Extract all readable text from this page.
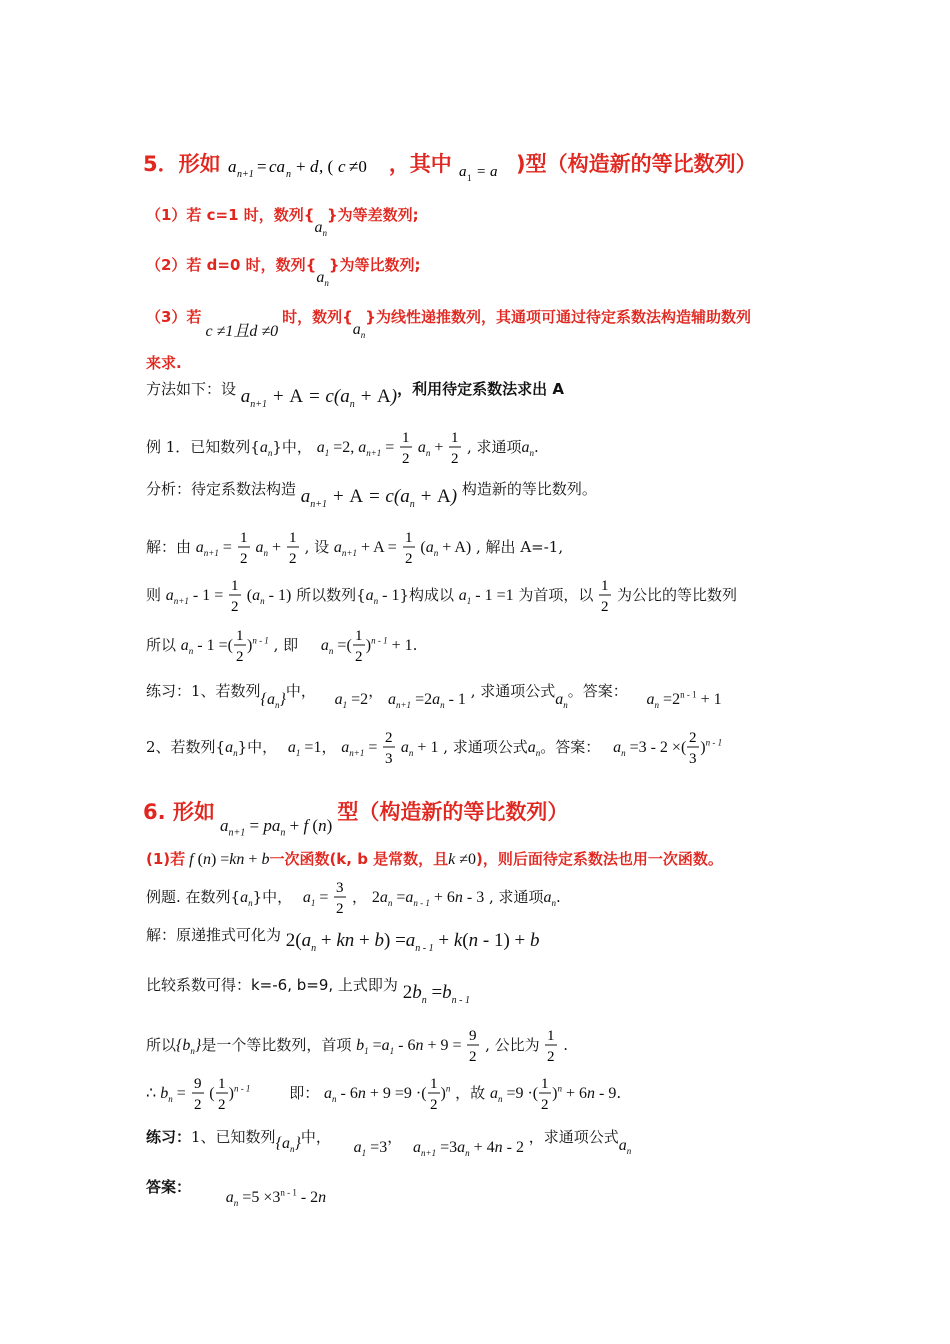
5．形如 a n+1 = ca n + d , ( c ≠0 ，其中 a 1 = a )型（构造新的等比数列）
（1）若 c=1 时，数列$\{a_n\}$为等差数列;
（2）若 d=0 时，数列$\{a_n\}$为等比数列;
（3）若c ≠1且d ≠0时，数列$\{a_n\}$为线性递推数列，其通项可通过待定系数法构造辅助数列
来求.
方法如下：设 $a_{n+1} + A = c(a_n + A)$，利用待定系数法求出 A
例 1．已知数列$\{a_n\}$中， $a_1 =2$, $a_{n+1}$ =
1
2
$a_n$ +
1
2
, 求通项$a_n$.
分析：待定系数法构造 $a_{n+1} + A = c(a_n + A)$ 构造新的等比数列。
解：由 $a_{n+1}$ =
1
2
$a_n$ +
1
2
, 设 $a_{n+1} + A$ =
1
2
$(a_n + A)$ , 解出 A=-1,
则 $a_{n+1} - 1$ =
1
2
$(a_n - 1)$ 所以数列$\{a_n - 1\}$构成以 $a_1 - 1 =1$ 为首项，以 1
2
为公比的等比数列
所以 $a_n - 1$ =(
1
2
)$^{n - 1}$ , 即 $a_n$ =(
1
2
)$^{n - 1}$ + 1.
练习：1、若数列$\{a_n\}$中， $a_1 =2$， $a_{n+1} =2a_n - 1$ , 求通项公式$a_n$。答案： $a_n =2^{n - 1} + 1$
2、若数列$\{a_n\}$中， $a_1 =1$， $a_{n+1}$ =
2
3
$a_n + 1$ , 求通项公式$a_n$。答案： $a_n =3 - 2$ ×(
2
3
)$^{n - 1}$
6. 形如 $a_{n+1} = pa_n + f$ (n) 型（构造新的等比数列）
(1)若 f (n) =kn + b一次函数(k, b 是常数，且k ≠0)，则后面待定系数法也用一次函数。
例题. 在数列$\{a_n\}$中， $a_1$ =
3
2
， $2a_n =a_{n - 1} + 6n - 3$ , 求通项$a_n$.
解：原递推式可化为 $2(a_n$ + kn + $b) =a_{n - 1} + k(n - 1) + b$
比较系数可得：k=-6, b=9, 上式即为 $2b_n =b_{n - 1}$
所以$\{b_n\}$是一个等比数列，首项 $b_1 =a_1 - 6n + 9$ =
9
2
, 公比为 1
2
.
∴ $b_n$ =
9
2
(
1
2
)$^{n - 1}$	即： $a_n - 6n + 9 =9$ ·(
1
2
)$^n$ ，故 $a_n =9$ ·(
1
2
)$^n$ + 6n - 9.
练习：1、已知数列$\{a_n\}$中， $a_1 =3$， $a_{n+1} =3a_n + 4n - 2$ ，求通项公式$a_n$
答案： $a_n =5 \times 3^{n - 1} - 2n$
